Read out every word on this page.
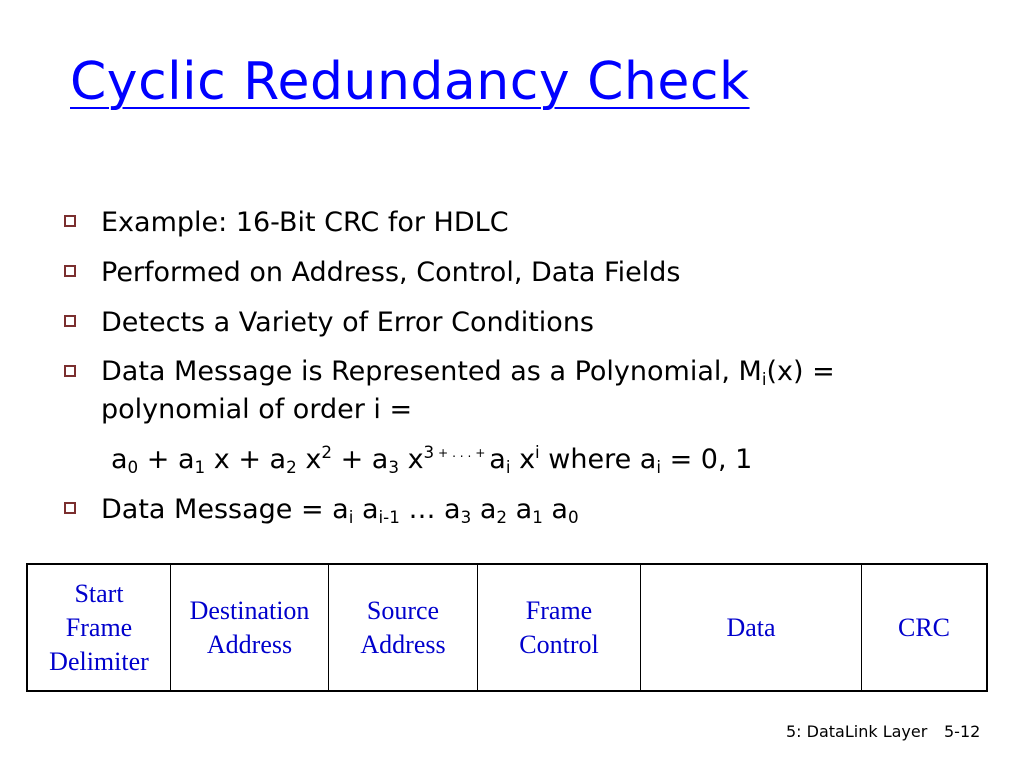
Cyclic Redundancy Check
Example: 16-Bit CRC for HDLC
Performed on Address, Control, Data Fields
Detects a Variety of Error Conditions
Data Message is Represented as a Polynomial, $M_i(x)$ =
polynomial of order i =
$a_0 + a_1$ $x + a_2$ $x^2 + a_3$ $x^3$ + . . . + $a_i$ $x^i$ where $a_i = 0$, 1
Data Message = $a_i$ $a_{i-1}$ … $a_3$ $a_2$ $a_1$ $a_0$
Start
Frame
Delimiter
Destination
Address
Source
Address
Frame
Control
Data	CRC
5: DataLink Layer 5-12
